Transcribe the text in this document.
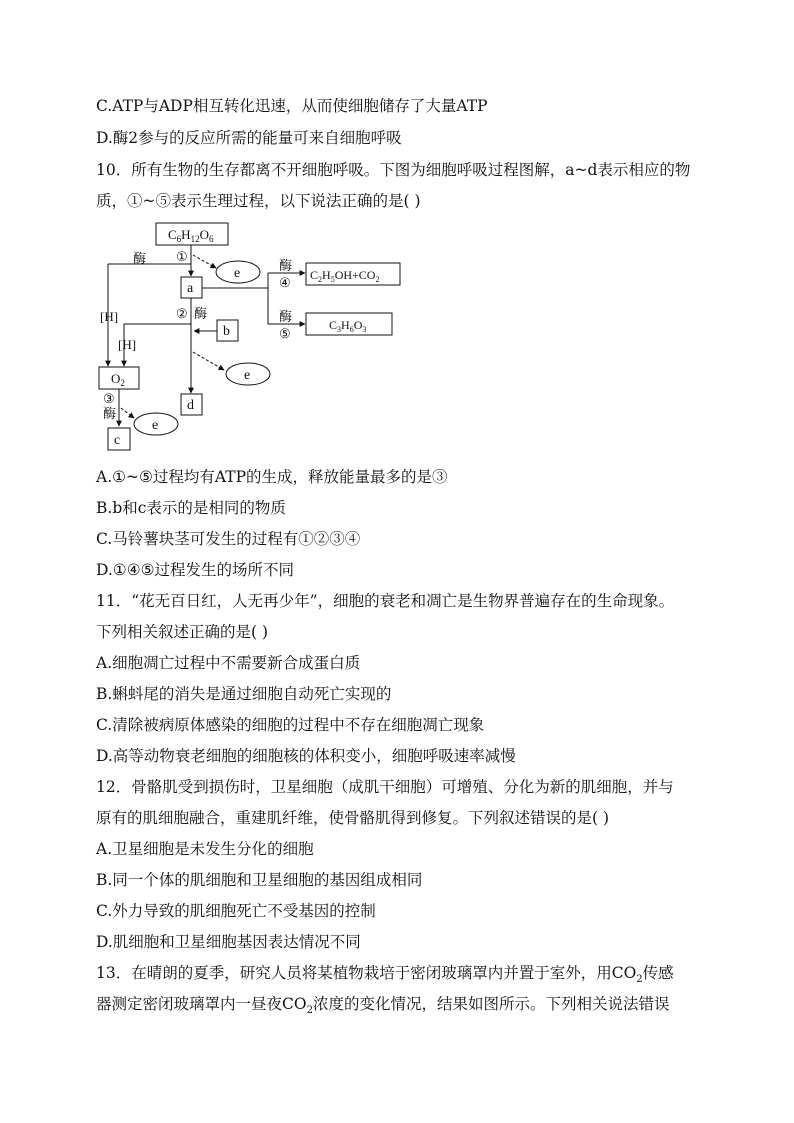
C.ATP与ADP相互转化迅速，从而使细胞储存了大量ATP
D.酶2参与的反应所需的能量可来自细胞呼吸
10．所有生物的生存都离不开细胞呼吸。下图为细胞呼吸过程图解，a~d表示相应的物
质，①~⑤表示生理过程，以下说法正确的是( )
$C_6H_{12}O_6$
①
e
酶
[H]
a
酶
④
酶
⑤
$C_2H_5OH+CO_2$
$C_3H_6O_3$
② 酶
b
[H]
e
d
$O_2$
③
酶
e
c
A.①~⑤过程均有ATP的生成，释放能量最多的是③
B.b和c表示的是相同的物质
C.马铃薯块茎可发生的过程有①②③④
D.①④⑤过程发生的场所不同
11．“花无百日红，人无再少年”，细胞的衰老和凋亡是生物界普遍存在的生命现象。
下列相关叙述正确的是( )
A.细胞凋亡过程中不需要新合成蛋白质
B.蝌蚪尾的消失是通过细胞自动死亡实现的
C.清除被病原体感染的细胞的过程中不存在细胞凋亡现象
D.高等动物衰老细胞的细胞核的体积变小，细胞呼吸速率减慢
12．骨骼肌受到损伤时，卫星细胞（成肌干细胞）可增殖、分化为新的肌细胞，并与
原有的肌细胞融合，重建肌纤维，使骨骼肌得到修复。下列叙述错误的是( )
A.卫星细胞是未发生分化的细胞
B.同一个体的肌细胞和卫星细胞的基因组成相同
C.外力导致的肌细胞死亡不受基因的控制
D.肌细胞和卫星细胞基因表达情况不同
13．在晴朗的夏季，研究人员将某植物栽培于密闭玻璃罩内并置于室外，用$CO_2$传感
器测定密闭玻璃罩内一昼夜$CO_2$浓度的变化情况，结果如图所示。下列相关说法错误
